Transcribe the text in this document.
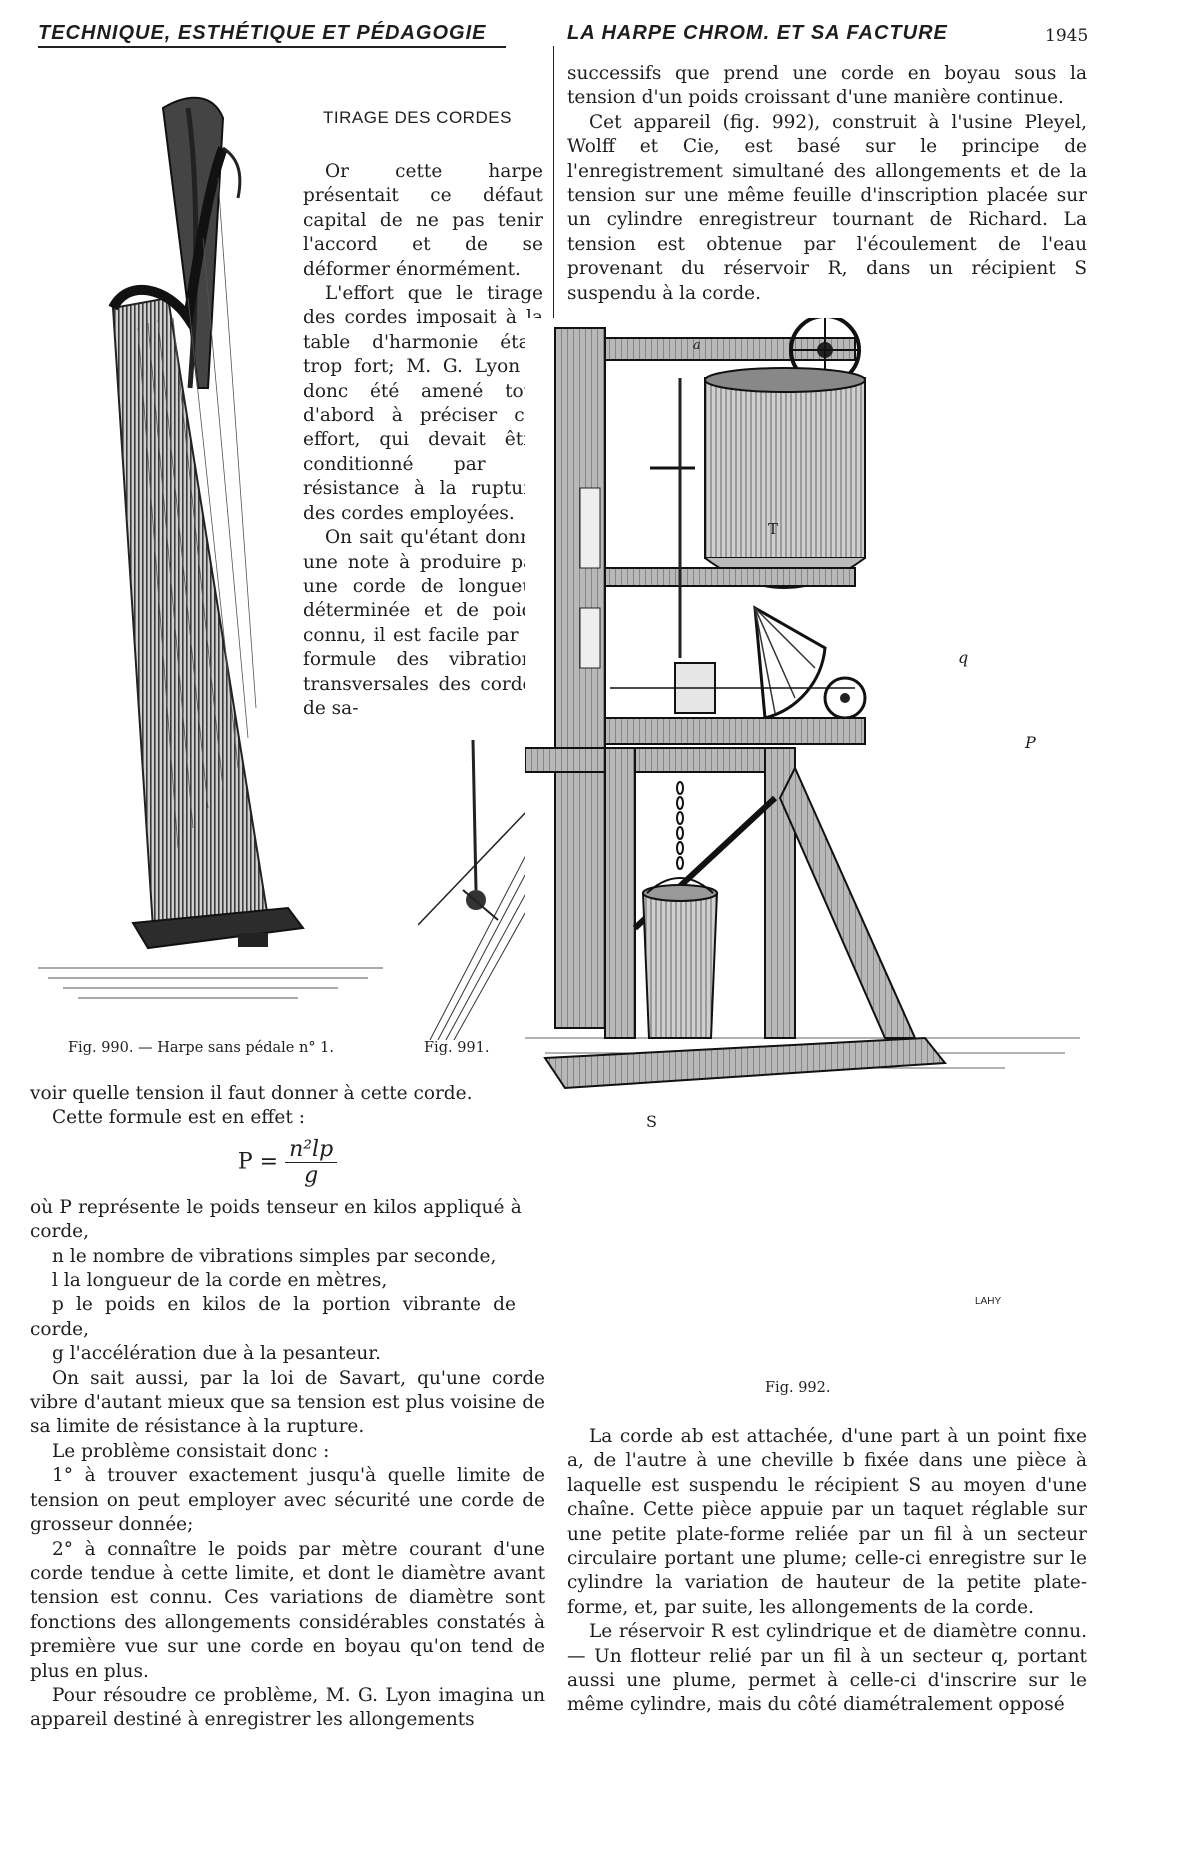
TECHNIQUE, ESTHÉTIQUE ET PÉDAGOGIE	LA HARPE CHROM. ET SA FACTURE	1945
TIRAGE DES CORDES

Or cette harpe présentait ce défaut capital de ne pas tenir l'accord et de se déformer énormément.

L'effort que le tirage des cordes imposait à la table d'harmonie était trop fort; M. G. Lyon a donc été amené tout d'abord à préciser cet effort, qui devait être conditionné par la résistance à la rupture des cordes employées.

On sait qu'étant donné une note à produire par une corde de longueur déterminée et de poids connu, il est facile par la formule des vibrations transversales des cordes de sa-

Fig. 990. — Harpe sans pédale n° 1.	Fig. 991.

voir quelle tension il faut donner à cette corde.

Cette formule est en effet :

$P = \frac{\text{n²lp}}{g}$

où P représente le poids tenseur en kilos appliqué à la corde,

n le nombre de vibrations simples par seconde,

l la longueur de la corde en mètres,

p le poids en kilos de la portion vibrante de la corde,

g l'accélération due à la pesanteur.

On sait aussi, par la loi de Savart, qu'une corde vibre d'autant mieux que sa tension est plus voisine de sa limite de résistance à la rupture.

Le problème consistait donc :

1° à trouver exactement jusqu'à quelle limite de tension on peut employer avec sécurité une corde de grosseur donnée;

2° à connaître le poids par mètre courant d'une corde tendue à cette limite, et dont le diamètre avant tension est connu. Ces variations de diamètre sont fonctions des allongements considérables constatés à première vue sur une corde en boyau qu'on tend de plus en plus.

Pour résoudre ce problème, M. G. Lyon imagina un appareil destiné à enregistrer les allongements

successifs que prend une corde en boyau sous la tension d'un poids croissant d'une manière continue.

Cet appareil (fig. 992), construit à l'usine Pleyel, Wolff et Cie, est basé sur le principe de l'enregistrement simultané des allongements et de la tension sur une même feuille d'inscription placée sur un cylindre enregistreur tournant de Richard. La tension est obtenue par l'écoulement de l'eau provenant du réservoir R, dans un récipient S suspendu à la corde.

a
T
q
P
S
LAHY
Fig. 992.

La corde ab est attachée, d'une part à un point fixe a, de l'autre à une cheville b fixée dans une pièce à laquelle est suspendu le récipient S au moyen d'une chaîne. Cette pièce appuie par un taquet réglable sur une petite plate-forme reliée par un fil à un secteur circulaire portant une plume; celle-ci enregistre sur le cylindre la variation de hauteur de la petite plate-forme, et, par suite, les allongements de la corde.

Le réservoir R est cylindrique et de diamètre connu. — Un flotteur relié par un fil à un secteur q, portant aussi une plume, permet à celle-ci d'inscrire sur le même cylindre, mais du côté diamétralement opposé
